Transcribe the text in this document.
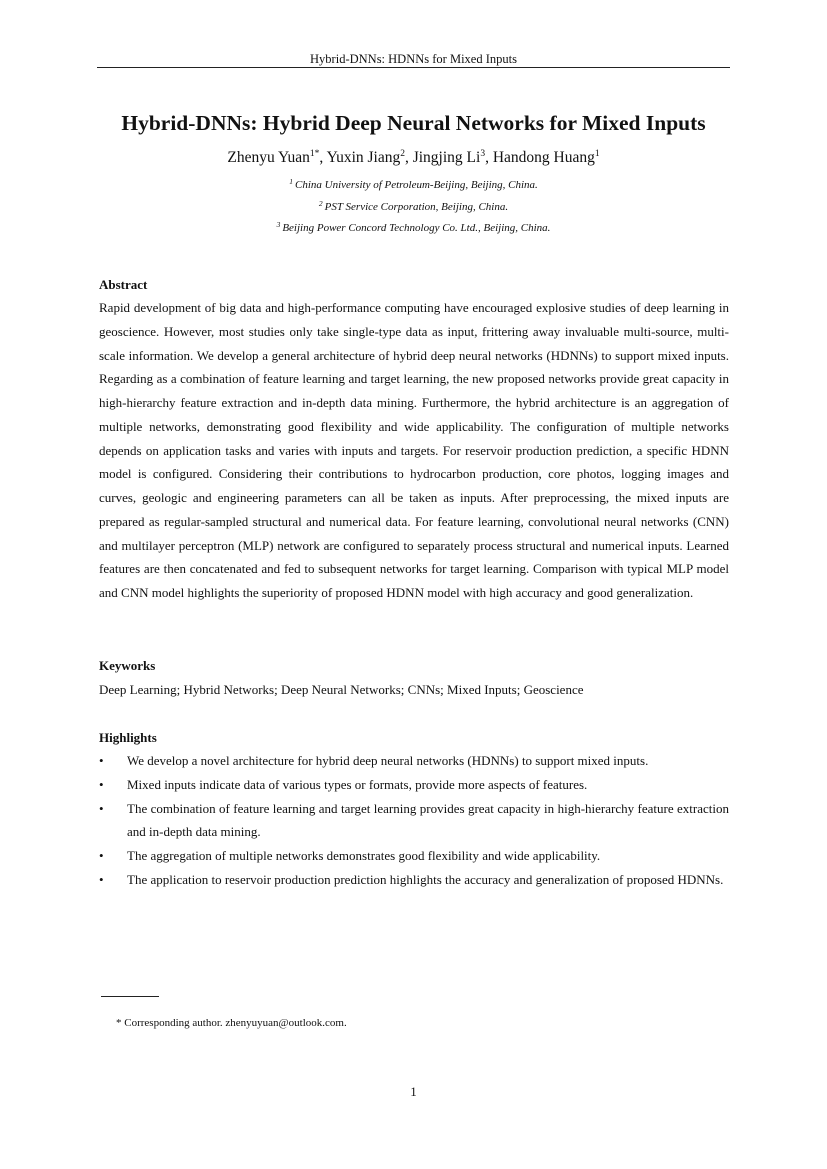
Hybrid-DNNs: HDNNs for Mixed Inputs
Hybrid-DNNs: Hybrid Deep Neural Networks for Mixed Inputs
Zhenyu Yuan$^{1*}$, Yuxin Jiang$^2$, Jingjing Li$^3$, Handong Huang$^1$
$^1$ China University of Petroleum-Beijing, Beijing, China.
$^2$ PST Service Corporation, Beijing, China.
$^3$ Beijing Power Concord Technology Co. Ltd., Beijing, China.
Abstract
Rapid development of big data and high-performance computing have encouraged explosive studies of deep learning in geoscience. However, most studies only take single-type data as input, frittering away invaluable multi-source, multi-scale information. We develop a general architecture of hybrid deep neural networks (HDNNs) to support mixed inputs. Regarding as a combination of feature learning and target learning, the new proposed networks provide great capacity in high-hierarchy feature extraction and in-depth data mining. Furthermore, the hybrid architecture is an aggregation of multiple networks, demonstrating good flexibility and wide applicability. The configuration of multiple networks depends on application tasks and varies with inputs and targets. For reservoir production prediction, a specific HDNN model is configured. Considering their contributions to hydrocarbon production, core photos, logging images and curves, geologic and engineering parameters can all be taken as inputs. After preprocessing, the mixed inputs are prepared as regular-sampled structural and numerical data. For feature learning, convolutional neural networks (CNN) and multilayer perceptron (MLP) network are configured to separately process structural and numerical inputs. Learned features are then concatenated and fed to subsequent networks for target learning. Comparison with typical MLP model and CNN model highlights the superiority of proposed HDNN model with high accuracy and good generalization.
Keyworks
Deep Learning; Hybrid Networks; Deep Neural Networks; CNNs; Mixed Inputs; Geoscience
Highlights
•	We develop a novel architecture for hybrid deep neural networks (HDNNs) to support mixed inputs.
•	Mixed inputs indicate data of various types or formats, provide more aspects of features.
•	The combination of feature learning and target learning provides great capacity in high-hierarchy feature extraction and in-depth data mining.
•	The aggregation of multiple networks demonstrates good flexibility and wide applicability.
•	The application to reservoir production prediction highlights the accuracy and generalization of proposed HDNNs.
* Corresponding author. zhenyuyuan@outlook.com.
1
